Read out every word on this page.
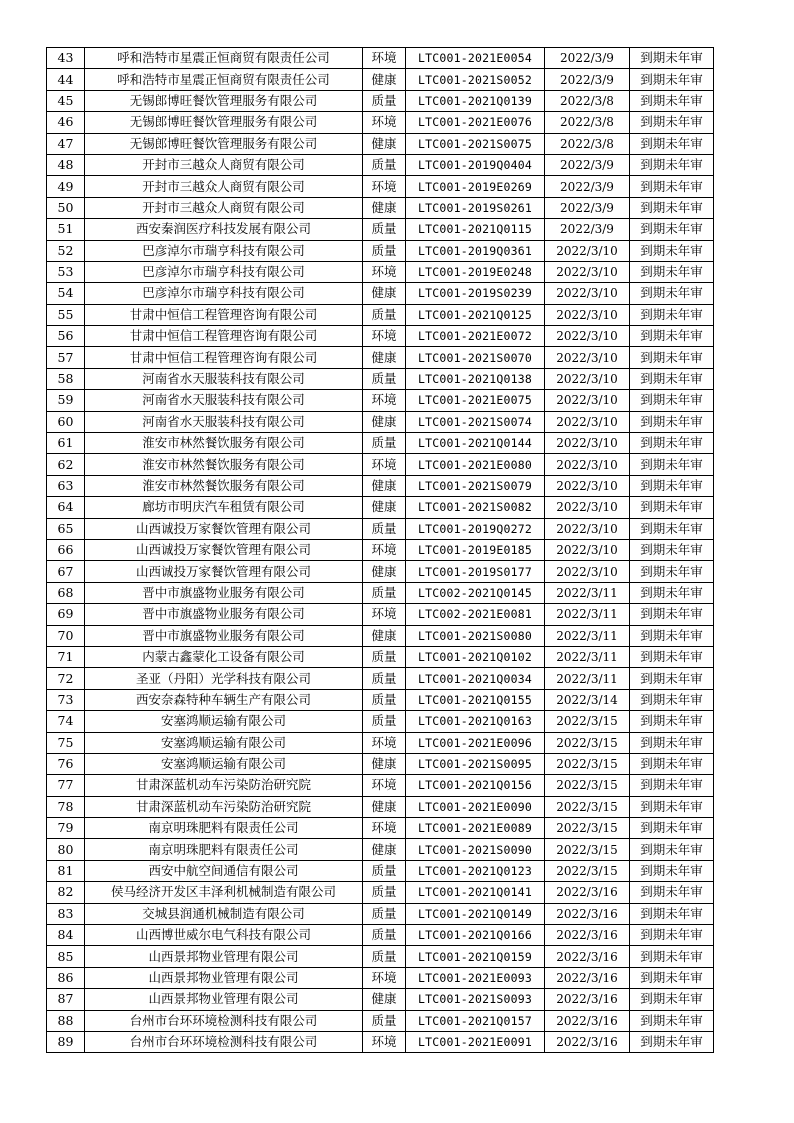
43	呼和浩特市星震正恒商贸有限责任公司	环境	LTC001-2021E0054	2022/3/9	到期未年审
44	呼和浩特市星震正恒商贸有限责任公司	健康	LTC001-2021S0052	2022/3/9	到期未年审
45	无锡郎博旺餐饮管理服务有限公司	质量	LTC001-2021Q0139	2022/3/8	到期未年审
46	无锡郎博旺餐饮管理服务有限公司	环境	LTC001-2021E0076	2022/3/8	到期未年审
47	无锡郎博旺餐饮管理服务有限公司	健康	LTC001-2021S0075	2022/3/8	到期未年审
48	开封市三越众人商贸有限公司	质量	LTC001-2019Q0404	2022/3/9	到期未年审
49	开封市三越众人商贸有限公司	环境	LTC001-2019E0269	2022/3/9	到期未年审
50	开封市三越众人商贸有限公司	健康	LTC001-2019S0261	2022/3/9	到期未年审
51	西安秦润医疗科技发展有限公司	质量	LTC001-2021Q0115	2022/3/9	到期未年审
52	巴彦淖尔市瑞亨科技有限公司	质量	LTC001-2019Q0361	2022/3/10	到期未年审
53	巴彦淖尔市瑞亨科技有限公司	环境	LTC001-2019E0248	2022/3/10	到期未年审
54	巴彦淖尔市瑞亨科技有限公司	健康	LTC001-2019S0239	2022/3/10	到期未年审
55	甘肃中恒信工程管理咨询有限公司	质量	LTC001-2021Q0125	2022/3/10	到期未年审
56	甘肃中恒信工程管理咨询有限公司	环境	LTC001-2021E0072	2022/3/10	到期未年审
57	甘肃中恒信工程管理咨询有限公司	健康	LTC001-2021S0070	2022/3/10	到期未年审
58	河南省水天服装科技有限公司	质量	LTC001-2021Q0138	2022/3/10	到期未年审
59	河南省水天服装科技有限公司	环境	LTC001-2021E0075	2022/3/10	到期未年审
60	河南省水天服装科技有限公司	健康	LTC001-2021S0074	2022/3/10	到期未年审
61	淮安市林然餐饮服务有限公司	质量	LTC001-2021Q0144	2022/3/10	到期未年审
62	淮安市林然餐饮服务有限公司	环境	LTC001-2021E0080	2022/3/10	到期未年审
63	淮安市林然餐饮服务有限公司	健康	LTC001-2021S0079	2022/3/10	到期未年审
64	廊坊市明庆汽车租赁有限公司	健康	LTC001-2021S0082	2022/3/10	到期未年审
65	山西诚投万家餐饮管理有限公司	质量	LTC001-2019Q0272	2022/3/10	到期未年审
66	山西诚投万家餐饮管理有限公司	环境	LTC001-2019E0185	2022/3/10	到期未年审
67	山西诚投万家餐饮管理有限公司	健康	LTC001-2019S0177	2022/3/10	到期未年审
68	晋中市旗盛物业服务有限公司	质量	LTC002-2021Q0145	2022/3/11	到期未年审
69	晋中市旗盛物业服务有限公司	环境	LTC002-2021E0081	2022/3/11	到期未年审
70	晋中市旗盛物业服务有限公司	健康	LTC001-2021S0080	2022/3/11	到期未年审
71	内蒙古鑫蒙化工设备有限公司	质量	LTC001-2021Q0102	2022/3/11	到期未年审
72	圣亚（丹阳）光学科技有限公司	质量	LTC001-2021Q0034	2022/3/11	到期未年审
73	西安奈森特种车辆生产有限公司	质量	LTC001-2021Q0155	2022/3/14	到期未年审
74	安塞鸿顺运输有限公司	质量	LTC001-2021Q0163	2022/3/15	到期未年审
75	安塞鸿顺运输有限公司	环境	LTC001-2021E0096	2022/3/15	到期未年审
76	安塞鸿顺运输有限公司	健康	LTC001-2021S0095	2022/3/15	到期未年审
77	甘肃深蓝机动车污染防治研究院	环境	LTC001-2021Q0156	2022/3/15	到期未年审
78	甘肃深蓝机动车污染防治研究院	健康	LTC001-2021E0090	2022/3/15	到期未年审
79	南京明珠肥料有限责任公司	环境	LTC001-2021E0089	2022/3/15	到期未年审
80	南京明珠肥料有限责任公司	健康	LTC001-2021S0090	2022/3/15	到期未年审
81	西安中航空间通信有限公司	质量	LTC001-2021Q0123	2022/3/15	到期未年审
82	侯马经济开发区丰泽利机械制造有限公司	质量	LTC001-2021Q0141	2022/3/16	到期未年审
83	交城县润通机械制造有限公司	质量	LTC001-2021Q0149	2022/3/16	到期未年审
84	山西博世威尔电气科技有限公司	质量	LTC001-2021Q0166	2022/3/16	到期未年审
85	山西景邦物业管理有限公司	质量	LTC001-2021Q0159	2022/3/16	到期未年审
86	山西景邦物业管理有限公司	环境	LTC001-2021E0093	2022/3/16	到期未年审
87	山西景邦物业管理有限公司	健康	LTC001-2021S0093	2022/3/16	到期未年审
88	台州市台环环境检测科技有限公司	质量	LTC001-2021Q0157	2022/3/16	到期未年审
89	台州市台环环境检测科技有限公司	环境	LTC001-2021E0091	2022/3/16	到期未年审
